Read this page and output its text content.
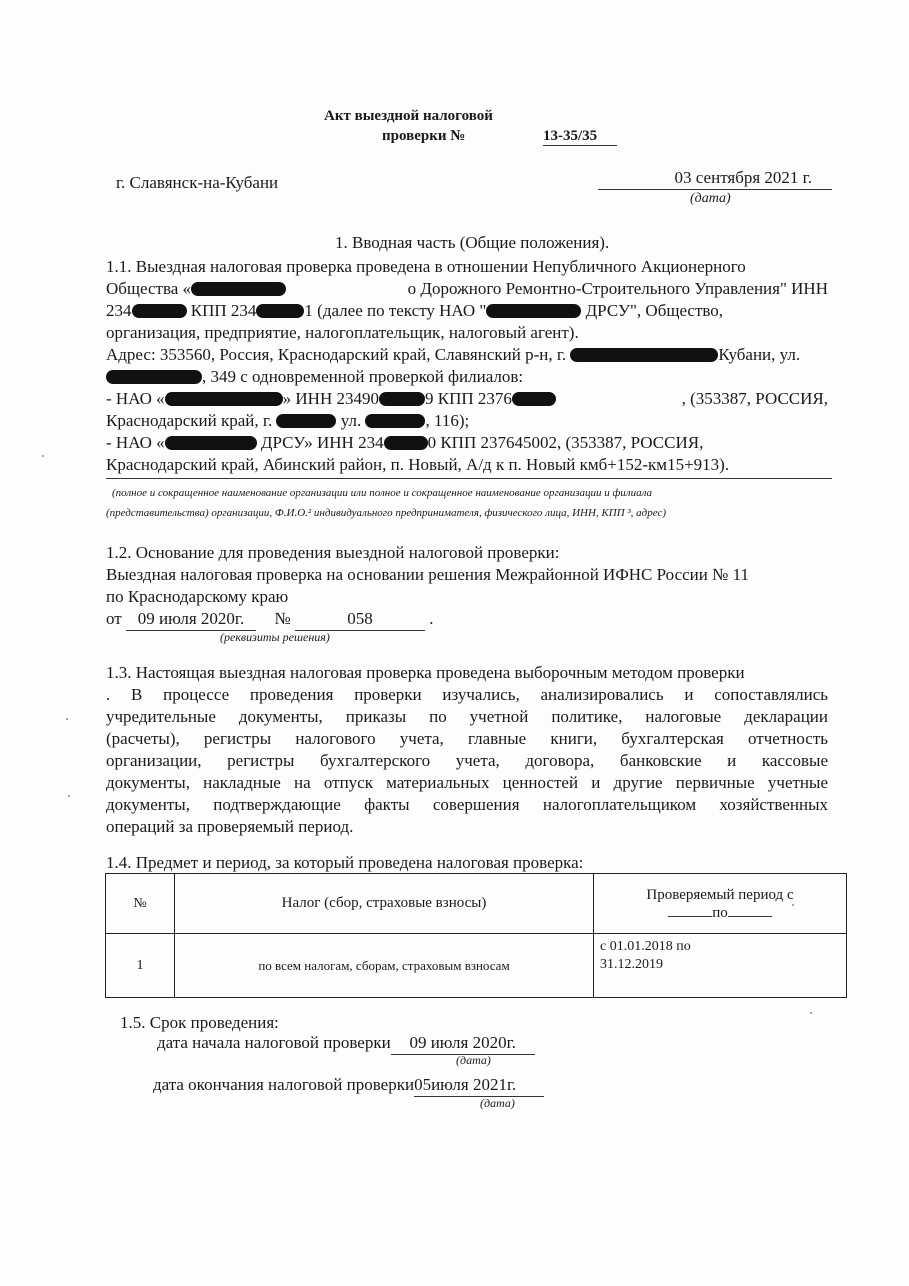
Акт выездной налоговой
проверки №	13-35/35
г. Славянск-на-Кубани	03 сентября 2021 г.
(дата)
1. Вводная часть (Общие положения).
1.1. Выездная налоговая проверка проведена в отношении Непубличного Акционерного
Общества «	о Дорожного Ремонтно-Строительного Управления" ИНН
234	КПП 234	1 (далее по тексту НАО "	ДРСУ", Общество,
организация, предприятие, налогоплательщик, налоговый агент).
Адрес: 353560, Россия, Краснодарский край, Славянский р-н, г.	Кубани, ул.
, 349 с одновременной проверкой филиалов:
- НАО «	» ИНН 23490	9 КПП 2376	, (353387, РОССИЯ,
Краснодарский край, г.	ул.	, 116);
- НАО «	ДРСУ» ИНН 234	0 КПП 237645002, (353387, РОССИЯ,
Краснодарский край, Абинский район, п. Новый, А/д к п. Новый кмб+152-км15+913).
(полное и сокращенное наименование организации или полное и сокращенное наименование организации и филиала
(представительства) организации, Ф.И.О.² индивидуального предпринимателя, физического лица, ИНН, КПП ³, адрес)
1.2. Основание для проведения выездной налоговой проверки:
Выездная налоговая проверка на основании решения Межрайонной ИФНС России № 11
по Краснодарскому краю
от 09 июля 2020г. №	058	.
(реквизиты решения)
1.3. Настоящая выездная налоговая проверка проведена выборочным методом проверки
. В процессе проведения проверки изучались, анализировались и сопоставлялись
учредительные документы, приказы по учетной политике, налоговые декларации
(расчеты), регистры налогового учета, главные книги, бухгалтерская отчетность
организации, регистры бухгалтерского учета, договора, банковские и кассовые
документы, накладные на отпуск материальных ценностей и другие первичные учетные
документы, подтверждающие факты совершения налогоплательщиком хозяйственных
операций за проверяемый период.
1.4. Предмет и период, за который проведена налоговая проверка:
№	Налог (сбор, страховые взносы)	Проверяемый период с
по

1	по всем налогам, сборам, страховым взносам	с 01.01.2018 по
31.12.2019
1.5. Срок проведения:
дата начала налоговой проверки 09 июля 2020г.
(дата)
дата окончания налоговой проверки05июля 2021г.
(дата)
